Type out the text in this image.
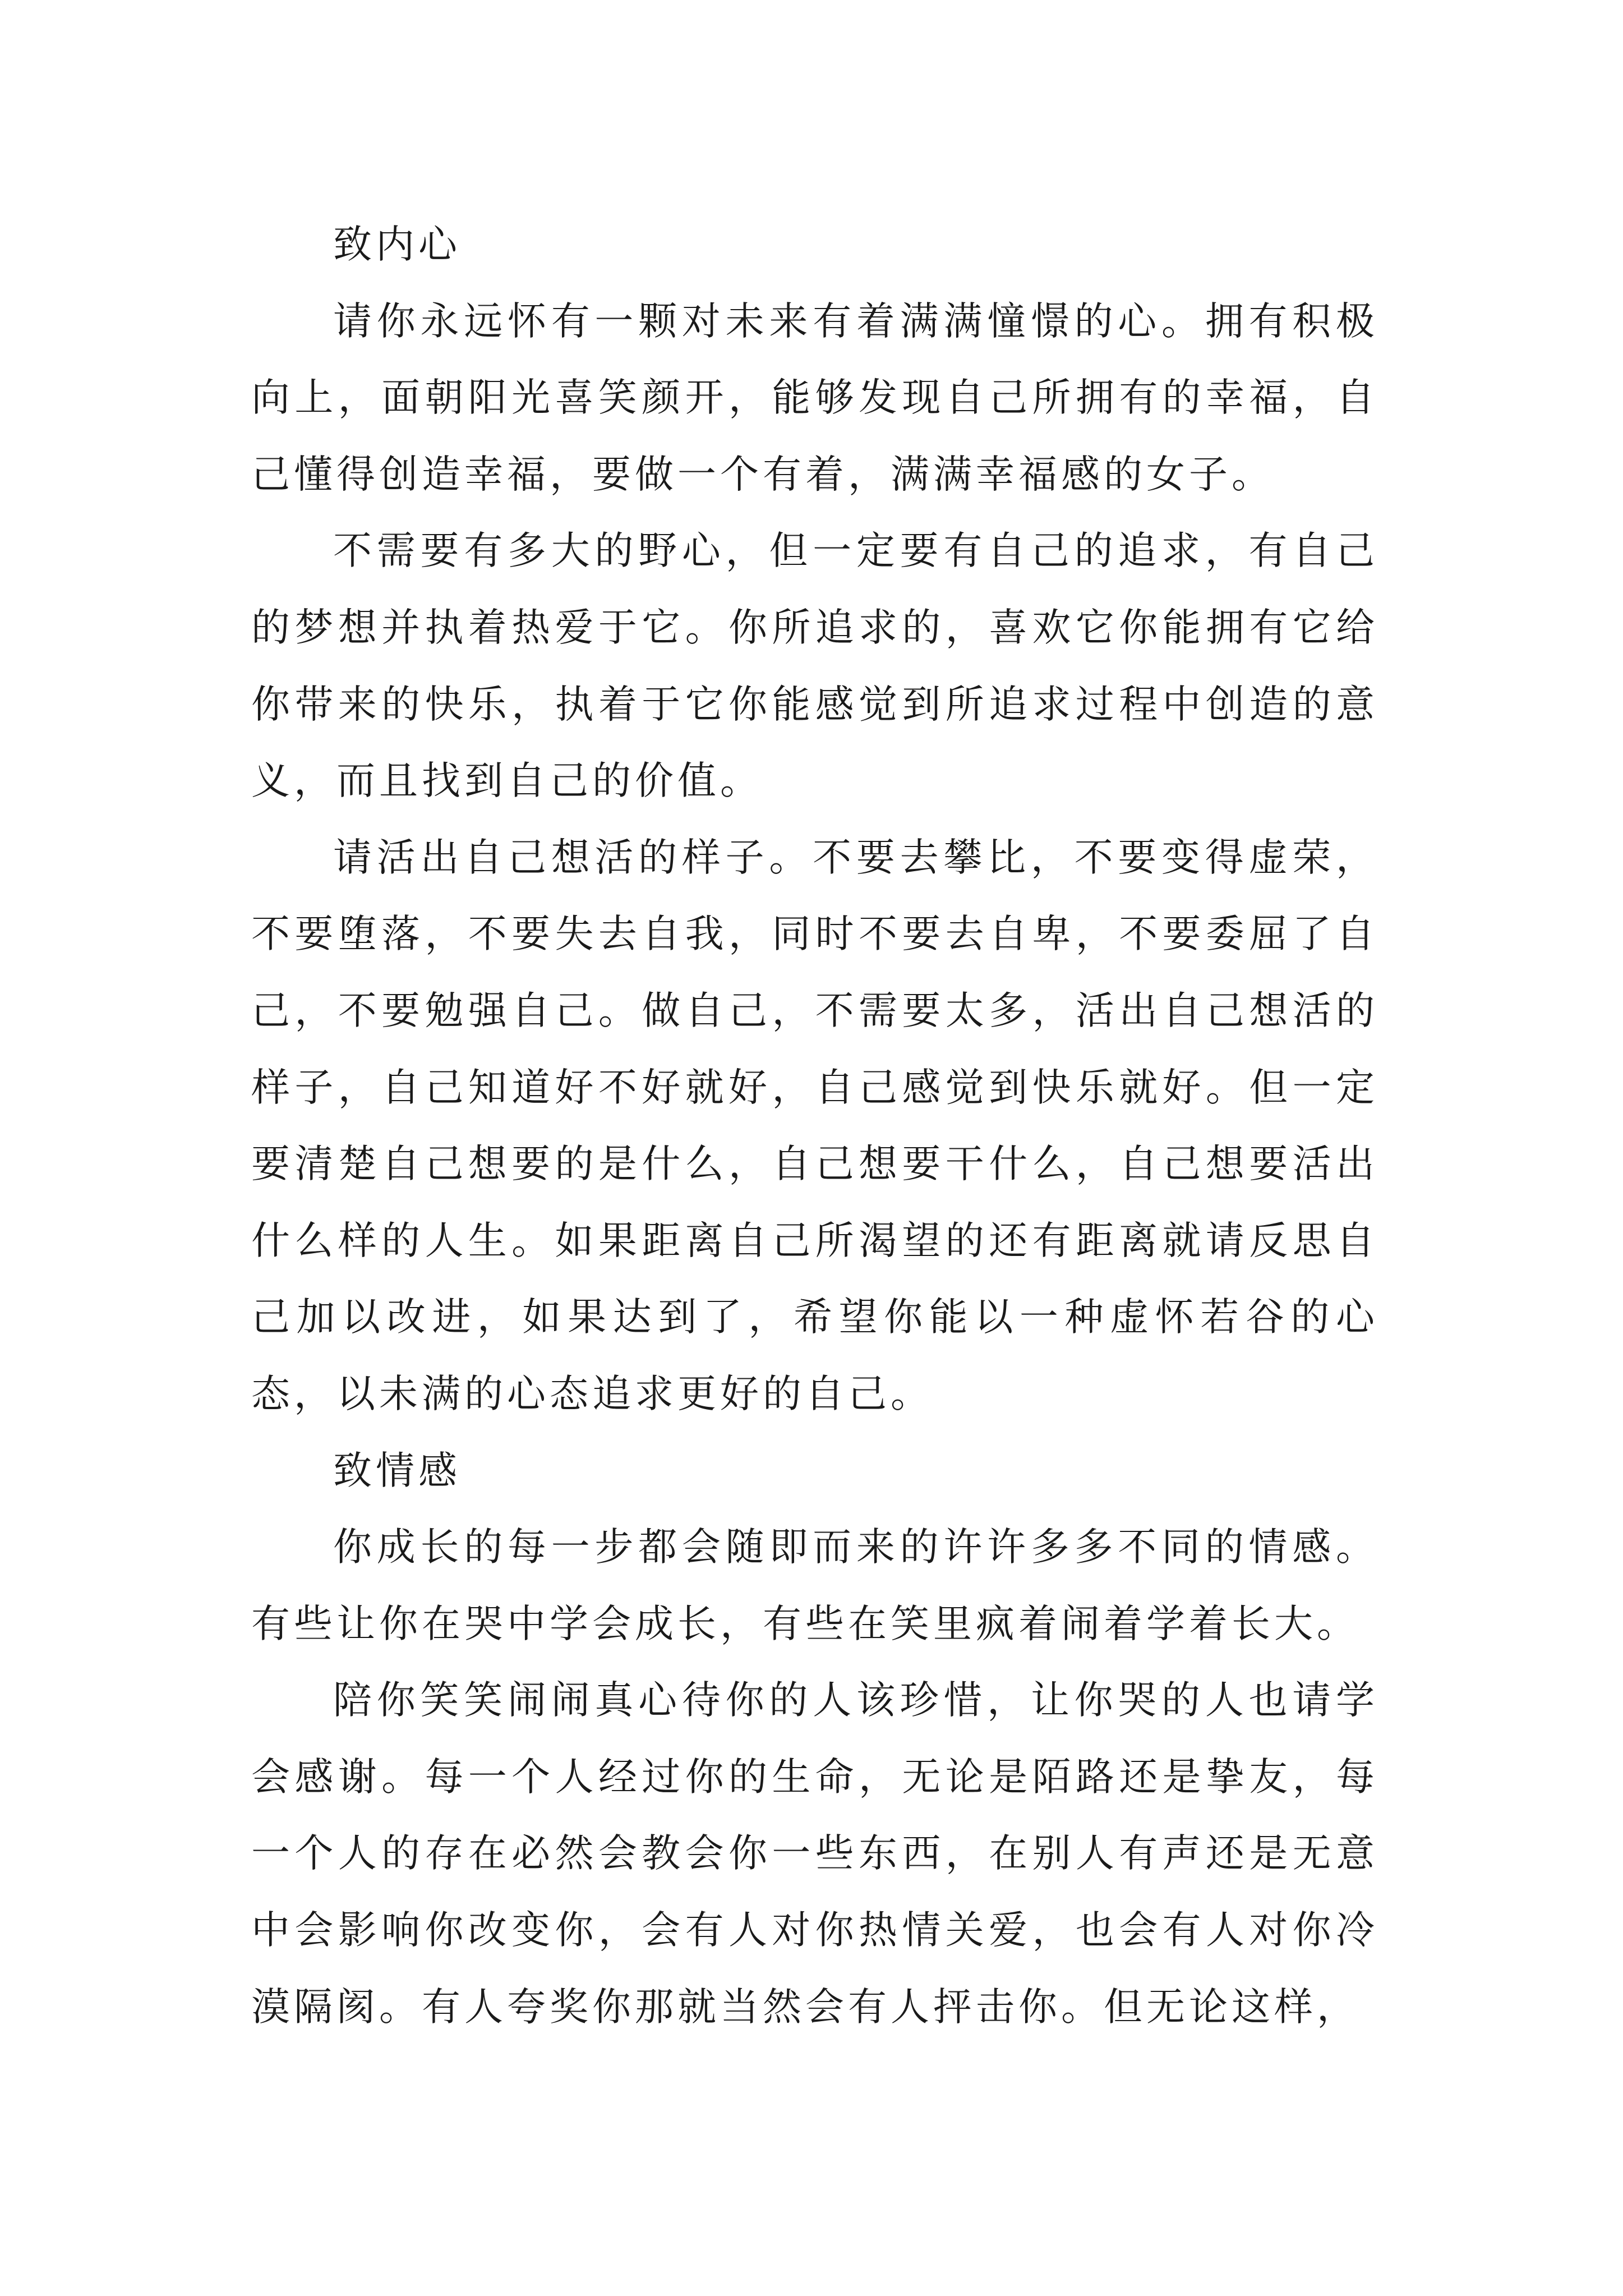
致内心

请你永远怀有一颗对未来有着满满憧憬的心。拥有积极向上，面朝阳光喜笑颜开，能够发现自己所拥有的幸福，自己懂得创造幸福，要做一个有着，满满幸福感的女子。

不需要有多大的野心，但一定要有自己的追求，有自己的梦想并执着热爱于它。你所追求的，喜欢它你能拥有它给你带来的快乐，执着于它你能感觉到所追求过程中创造的意义，而且找到自己的价值。

请活出自己想活的样子。不要去攀比，不要变得虚荣，不要堕落，不要失去自我，同时不要去自卑，不要委屈了自己，不要勉强自己。做自己，不需要太多，活出自己想活的样子，自己知道好不好就好，自己感觉到快乐就好。但一定要清楚自己想要的是什么，自己想要干什么，自己想要活出什么样的人生。如果距离自己所渴望的还有距离就请反思自己加以改进，如果达到了，希望你能以一种虚怀若谷的心态，以未满的心态追求更好的自己。

致情感

你成长的每一步都会随即而来的许许多多不同的情感。有些让你在哭中学会成长，有些在笑里疯着闹着学着长大。

陪你笑笑闹闹真心待你的人该珍惜，让你哭的人也请学会感谢。每一个人经过你的生命，无论是陌路还是挚友，每一个人的存在必然会教会你一些东西，在别人有声还是无意中会影响你改变你，会有人对你热情关爱，也会有人对你冷漠隔阂。有人夸奖你那就当然会有人抨击你。但无论这样，
